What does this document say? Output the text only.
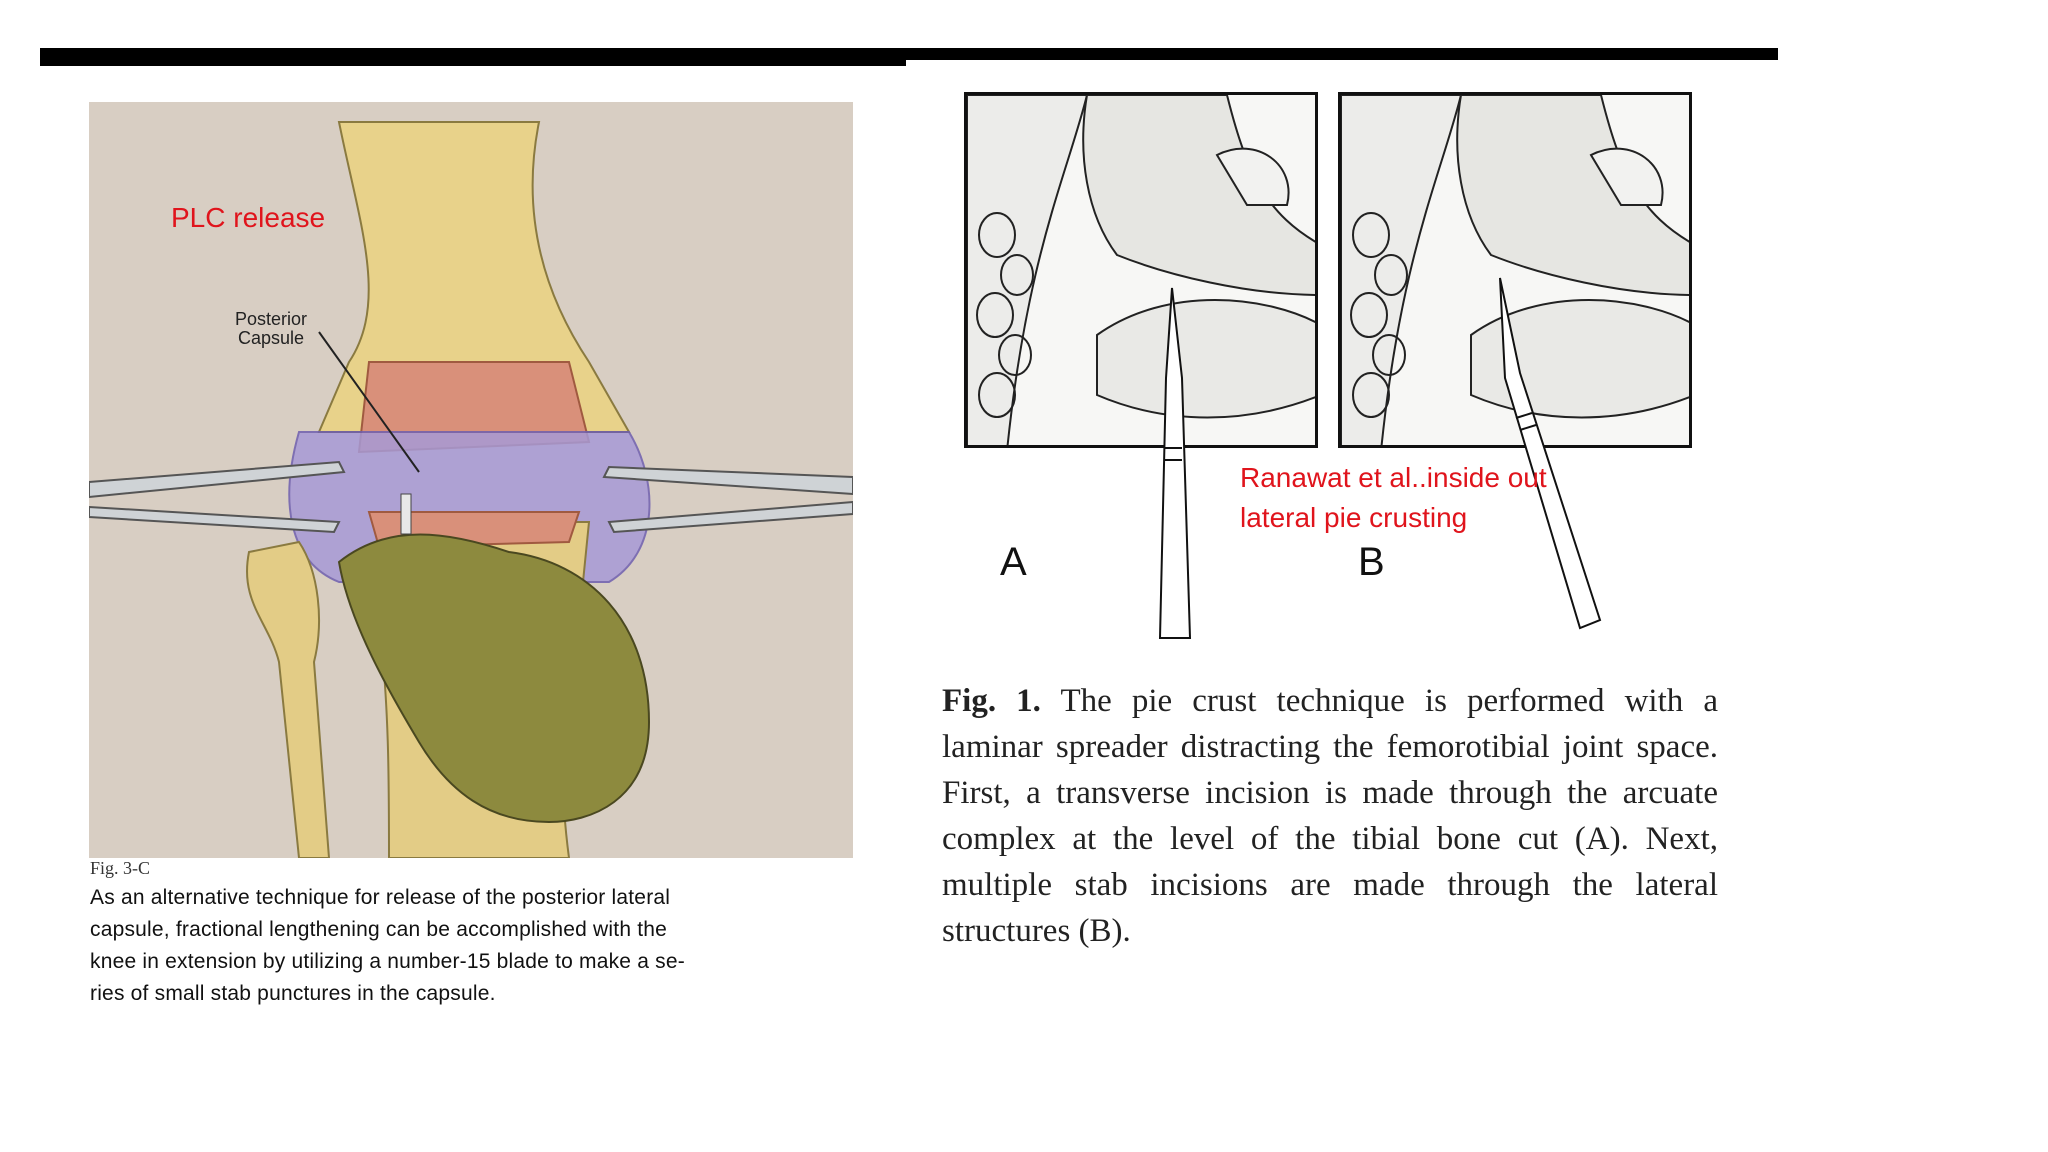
PLC release
Posterior
Capsule
Fig. 3-C
As an alternative technique for release of the posterior lateral
capsule, fractional lengthening can be accomplished with the
knee in extension by utilizing a number-15 blade to make a se-
ries of small stab punctures in the capsule.
A	B
Ranawat et al..inside out
lateral pie crusting
Fig. 1. The pie crust technique is performed with a laminar spreader distracting the femorotibial joint space. First, a transverse incision is made through the arcuate complex at the level of the tibial bone cut (A). Next, multiple stab incisions are made through the lateral structures (B).
